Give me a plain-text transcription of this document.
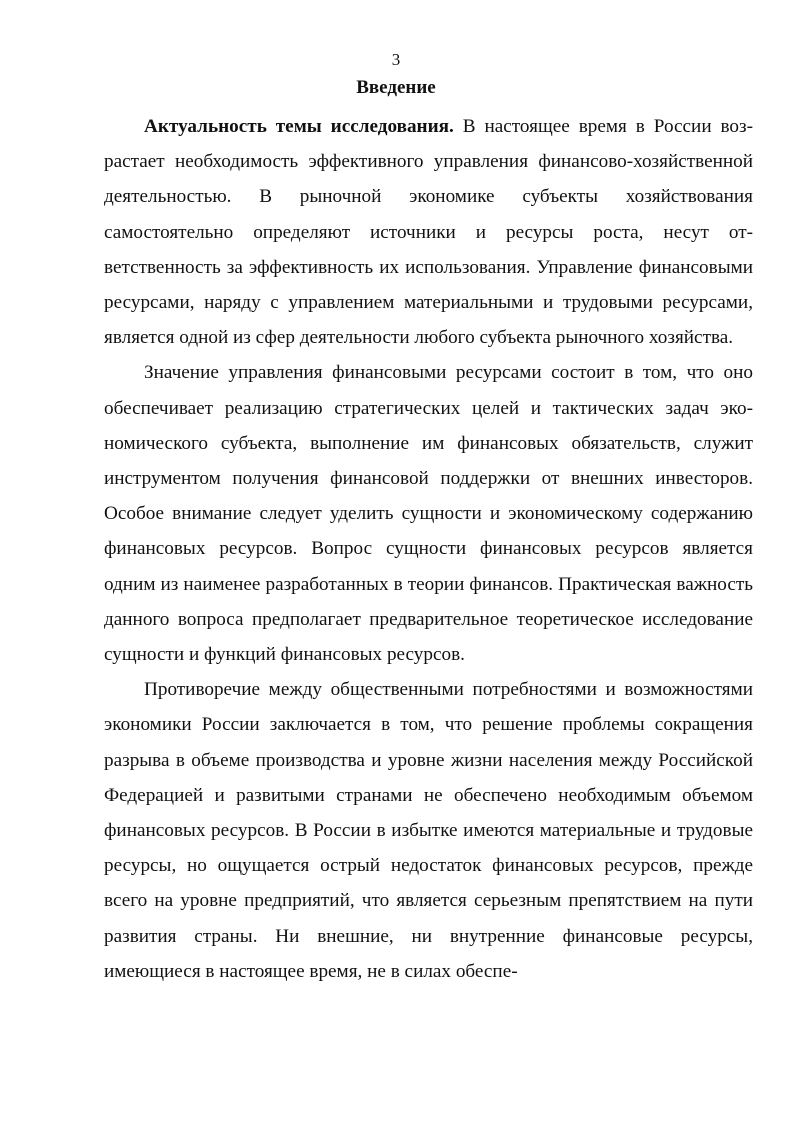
3
Введение

Актуальность темы исследования. В настоящее время в России возрастает необходимость эффективного управления финансово-хозяйственной деятельностью. В рыночной экономике субъекты хозяйствования самостоятельно определяют источники и ресурсы роста, несут ответственность за эффективность их использования. Управление финансовыми ресурсами, наряду с управлением материальными и трудовыми ресурсами, является одной из сфер деятельности любого субъекта рыночного хозяйства.

Значение управления финансовыми ресурсами состоит в том, что оно обеспечивает реализацию стратегических целей и тактических задач экономического субъекта, выполнение им финансовых обязательств, служит инструментом получения финансовой поддержки от внешних инвесторов. Особое внимание следует уделить сущности и экономическому содержанию финансовых ресурсов. Вопрос сущности финансовых ресурсов является одним из наименее разработанных в теории финансов. Практическая важность данного вопроса предполагает предварительное теоретическое исследование сущности и функций финансовых ресурсов.

Противоречие между общественными потребностями и возможностями экономики России заключается в том, что решение проблемы сокращения разрыва в объеме производства и уровне жизни населения между Российской Федерацией и развитыми странами не обеспечено необходимым объемом финансовых ресурсов. В России в избытке имеются материальные и трудовые ресурсы, но ощущается острый недостаток финансовых ресурсов, прежде всего на уровне предприятий, что является серьезным препятствием на пути развития страны. Ни внешние, ни внутренние финансовые ресурсы, имеющиеся в настоящее время, не в силах обеспе-
